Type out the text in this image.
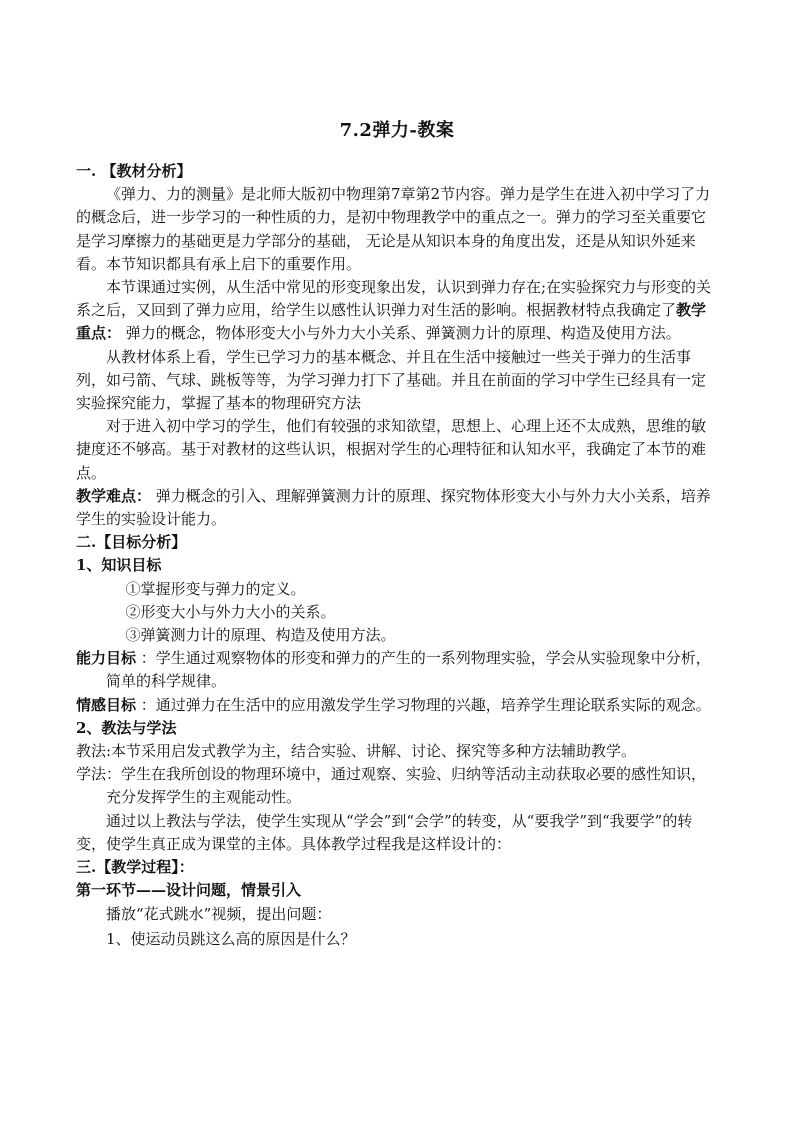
7.2弹力-教案

一. 【教材分析】

《弹力、力的测量》是北师大版初中物理第7章第2节内容。弹力是学生在进入初中学习了力的概念后，进一步学习的一种性质的力，是初中物理教学中的重点之一。弹力的学习至关重要它是学习摩擦力的基础更是力学部分的基础， 无论是从知识本身的角度出发，还是从知识外延来看。本节知识都具有承上启下的重要作用。

本节课通过实例，从生活中常见的形变现象出发，认识到弹力存在;在实验探究力与形变的关系之后，又回到了弹力应用，给学生以感性认识弹力对生活的影响。根据教材特点我确定了教学重点： 弹力的概念，物体形变大小与外力大小关系、弹簧测力计的原理、构造及使用方法。

从教材体系上看，学生已学习力的基本概念、并且在生活中接触过一些关于弹力的生活事列，如弓箭、气球、跳板等等，为学习弹力打下了基础。并且在前面的学习中学生已经具有一定实验探究能力，掌握了基本的物理研究方法

对于进入初中学习的学生，他们有较强的求知欲望，思想上、心理上还不太成熟，思维的敏捷度还不够高。基于对教材的这些认识，根据对学生的心理特征和认知水平，我确定了本节的难点。

教学难点： 弹力概念的引入、理解弹簧测力计的原理、探究物体形变大小与外力大小关系，培养学生的实验设计能力。

二.【目标分析】

1、知识目标

①掌握形变与弹力的定义。

②形变大小与外力大小的关系。

③弹簧测力计的原理、构造及使用方法。

能力目标 ：学生通过观察物体的形变和弹力的产生的一系列物理实验，学会从实验现象中分析，简单的科学规律。

情感目标 ：通过弹力在生活中的应用激发学生学习物理的兴趣，培养学生理论联系实际的观念。

2、教法与学法

教法:本节采用启发式教学为主，结合实验、讲解、讨论、探究等多种方法辅助教学。

学法：学生在我所创设的物理环境中，通过观察、实验、归纳等活动主动获取必要的感性知识，充分发挥学生的主观能动性。

通过以上教法与学法，使学生实现从“学会”到“会学”的转变，从“要我学”到“我要学”的转变，使学生真正成为课堂的主体。具体教学过程我是这样设计的：

三.【教学过程】：

第一环节——设计问题，情景引入

播放“花式跳水”视频，提出问题：

1、使运动员跳这么高的原因是什么？
